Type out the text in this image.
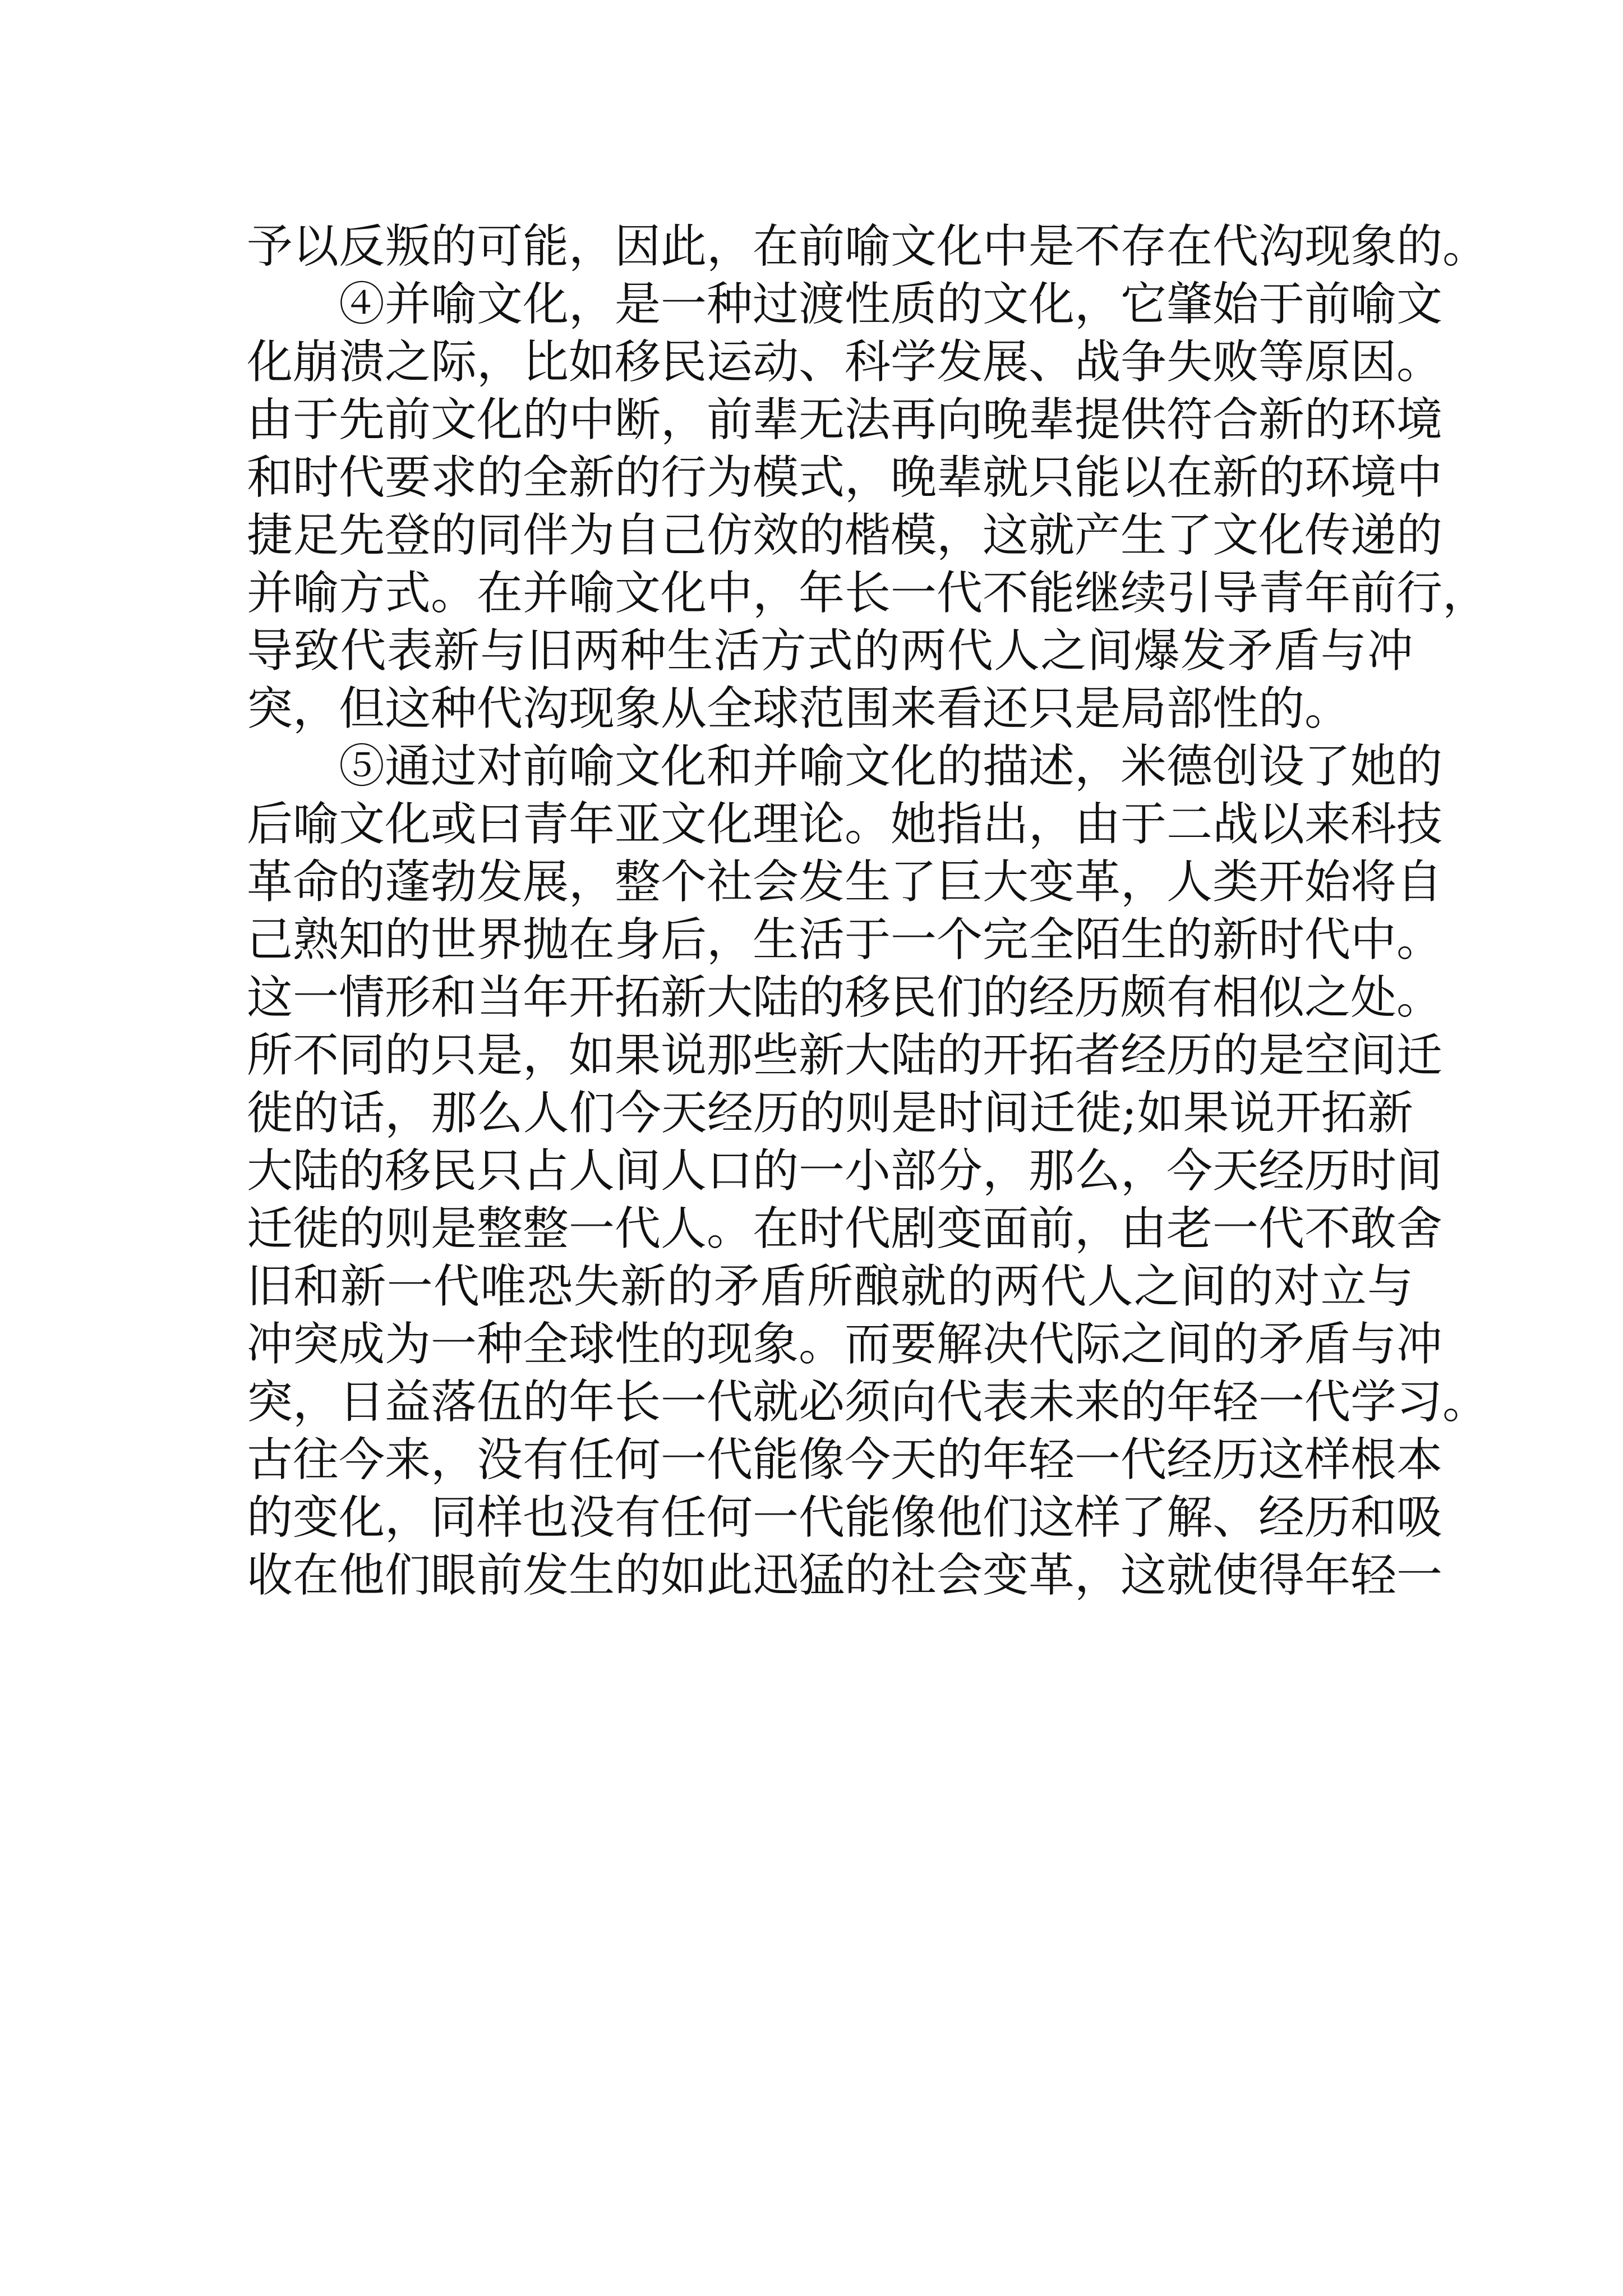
予以反叛的可能，因此，在前喻文化中是不存在代沟现象的。
④并喻文化，是一种过渡性质的文化，它肇始于前喻文
化崩溃之际，比如移民运动、科学发展、战争失败等原因。
由于先前文化的中断，前辈无法再向晚辈提供符合新的环境
和时代要求的全新的行为模式，晚辈就只能以在新的环境中
捷足先登的同伴为自己仿效的楷模，这就产生了文化传递的
并喻方式。在并喻文化中，年长一代不能继续引导青年前行，
导致代表新与旧两种生活方式的两代人之间爆发矛盾与冲
突，但这种代沟现象从全球范围来看还只是局部性的。
⑤通过对前喻文化和并喻文化的描述，米德创设了她的
后喻文化或曰青年亚文化理论。她指出，由于二战以来科技
革命的蓬勃发展，整个社会发生了巨大变革，人类开始将自
己熟知的世界抛在身后，生活于一个完全陌生的新时代中。
这一情形和当年开拓新大陆的移民们的经历颇有相似之处。
所不同的只是，如果说那些新大陆的开拓者经历的是空间迁
徙的话，那么人们今天经历的则是时间迁徙;如果说开拓新
大陆的移民只占人间人口的一小部分，那么，今天经历时间
迁徙的则是整整一代人。在时代剧变面前，由老一代不敢舍
旧和新一代唯恐失新的矛盾所酿就的两代人之间的对立与
冲突成为一种全球性的现象。而要解决代际之间的矛盾与冲
突，日益落伍的年长一代就必须向代表未来的年轻一代学习。
古往今来，没有任何一代能像今天的年轻一代经历这样根本
的变化，同样也没有任何一代能像他们这样了解、经历和吸
收在他们眼前发生的如此迅猛的社会变革，这就使得年轻一
